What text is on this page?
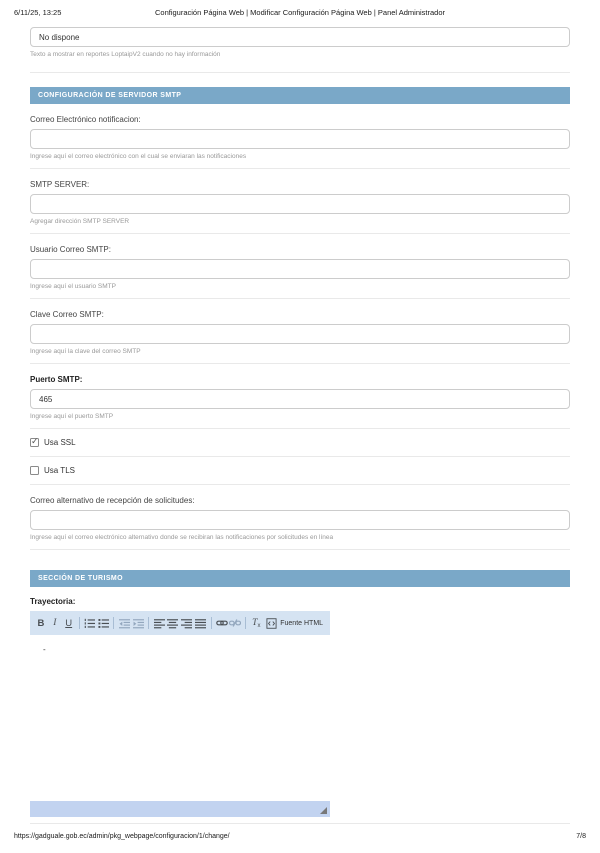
6/11/25, 13:25	Configuración Página Web | Modificar Configuración Página Web | Panel Administrador
No dispone
Texto a mostrar en reportes LoptaipV2 cuando no hay información
CONFIGURACIÓN DE SERVIDOR SMTP
Correo Electrónico notificacion:
Ingrese aquí el correo electrónico con el cual se enviaran las notificaciones
SMTP SERVER:
Agregar dirección SMTP SERVER
Usuario Correo SMTP:
Ingrese aquí el usuario SMTP
Clave Correo SMTP:
Ingrese aquí la clave del correo SMTP
Puerto SMTP:
465
Ingrese aquí el puerto SMTP
✓ Usa SSL
Usa TLS
Correo alternativo de recepción de solicitudes:
Ingrese aquí el correo electrónico alternativo donde se recibiran las notificaciones por solicitudes en línea
SECCIÓN DE TURISMO
Trayectoria:
B I U	T x	Fuente HTML
-
https://gadguale.gob.ec/admin/pkg_webpage/configuracion/1/change/	7/8
